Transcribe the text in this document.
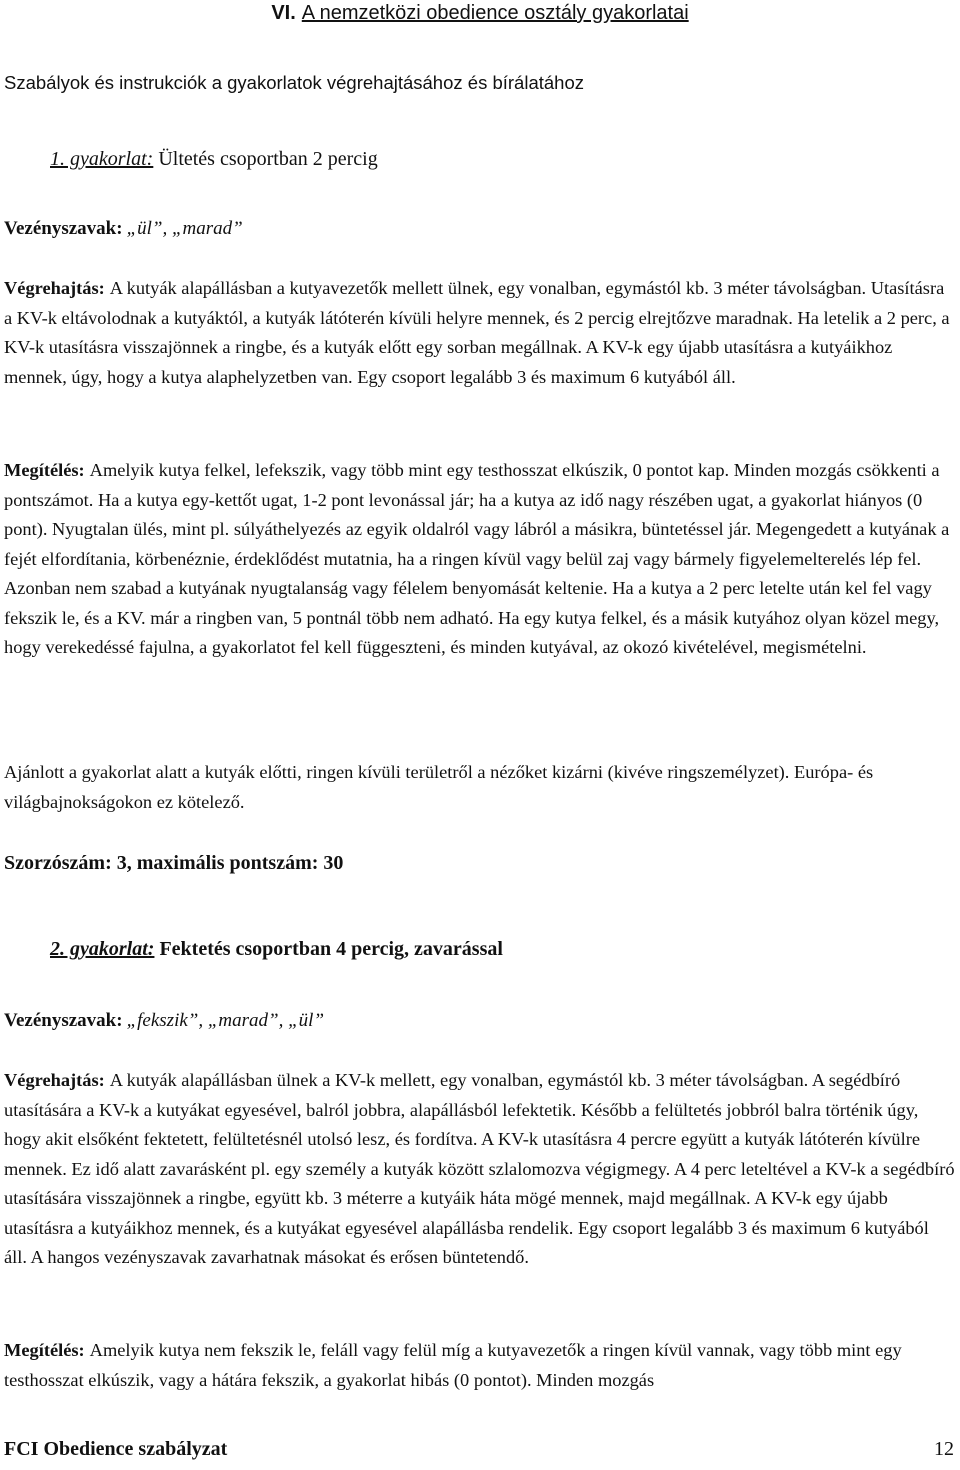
VI. A nemzetközi obedience osztály gyakorlatai
Szabályok és instrukciók a gyakorlatok végrehajtásához és bírálatához
1. gyakorlat: Ültetés csoportban 2 percig
Vezényszavak: „ül”, „marad”

Végrehajtás: A kutyák alapállásban a kutyavezetők mellett ülnek, egy vonalban, egymástól kb. 3 méter távolságban. Utasításra a KV-k eltávolodnak a kutyáktól, a kutyák látóterén kívüli helyre mennek, és 2 percig elrejtőzve maradnak. Ha letelik a 2 perc, a KV-k utasításra visszajönnek a ringbe, és a kutyák előtt egy sorban megállnak. A KV-k egy újabb utasításra a kutyáikhoz mennek, úgy, hogy a kutya alaphelyzetben van. Egy csoport legalább 3 és maximum 6 kutyából áll.

Megítélés: Amelyik kutya felkel, lefekszik, vagy több mint egy testhosszat elkúszik, 0 pontot kap. Minden mozgás csökkenti a pontszámot. Ha a kutya egy-kettőt ugat, 1-2 pont levonással jár; ha a kutya az idő nagy részében ugat, a gyakorlat hiányos (0 pont). Nyugtalan ülés, mint pl. súlyáthelyezés az egyik oldalról vagy lábról a másikra, büntetéssel jár. Megengedett a kutyának a fejét elfordítania, körbenéznie, érdeklődést mutatnia, ha a ringen kívül vagy belül zaj vagy bármely figyelemelterelés lép fel. Azonban nem szabad a kutyának nyugtalanság vagy félelem benyomását keltenie. Ha a kutya a 2 perc letelte után kel fel vagy fekszik le, és a KV. már a ringben van, 5 pontnál több nem adható. Ha egy kutya felkel, és a másik kutyához olyan közel megy, hogy verekedéssé fajulna, a gyakorlatot fel kell függeszteni, és minden kutyával, az okozó kivételével, megismételni.

Ajánlott a gyakorlat alatt a kutyák előtti, ringen kívüli területről a nézőket kizárni (kivéve ringszemélyzet). Európa- és világbajnokságokon ez kötelező.

Szorzószám: 3, maximális pontszám: 30
2. gyakorlat: Fektetés csoportban 4 percig, zavarással
Vezényszavak: „fekszik”, „marad”, „ül”

Végrehajtás: A kutyák alapállásban ülnek a KV-k mellett, egy vonalban, egymástól kb. 3 méter távolságban. A segédbíró utasítására a KV-k a kutyákat egyesével, balról jobbra, alapállásból lefektetik. Később a felültetés jobbról balra történik úgy, hogy akit elsőként fektetett, felültetésnél utolsó lesz, és fordítva. A KV-k utasításra 4 percre együtt a kutyák látóterén kívülre mennek. Ez idő alatt zavarásként pl. egy személy a kutyák között szlalomozva végigmegy. A 4 perc leteltével a KV-k a segédbíró utasítására visszajönnek a ringbe, együtt kb. 3 méterre a kutyáik háta mögé mennek, majd megállnak. A KV-k egy újabb utasításra a kutyáikhoz mennek, és a kutyákat egyesével alapállásba rendelik. Egy csoport legalább 3 és maximum 6 kutyából áll. A hangos vezényszavak zavarhatnak másokat és erősen büntetendő.

Megítélés: Amelyik kutya nem fekszik le, feláll vagy felül míg a kutyavezetők a ringen kívül vannak, vagy több mint egy testhosszat elkúszik, vagy a hátára fekszik, a gyakorlat hibás (0 pontot). Minden mozgás

FCI Obedience szabályzat	12
